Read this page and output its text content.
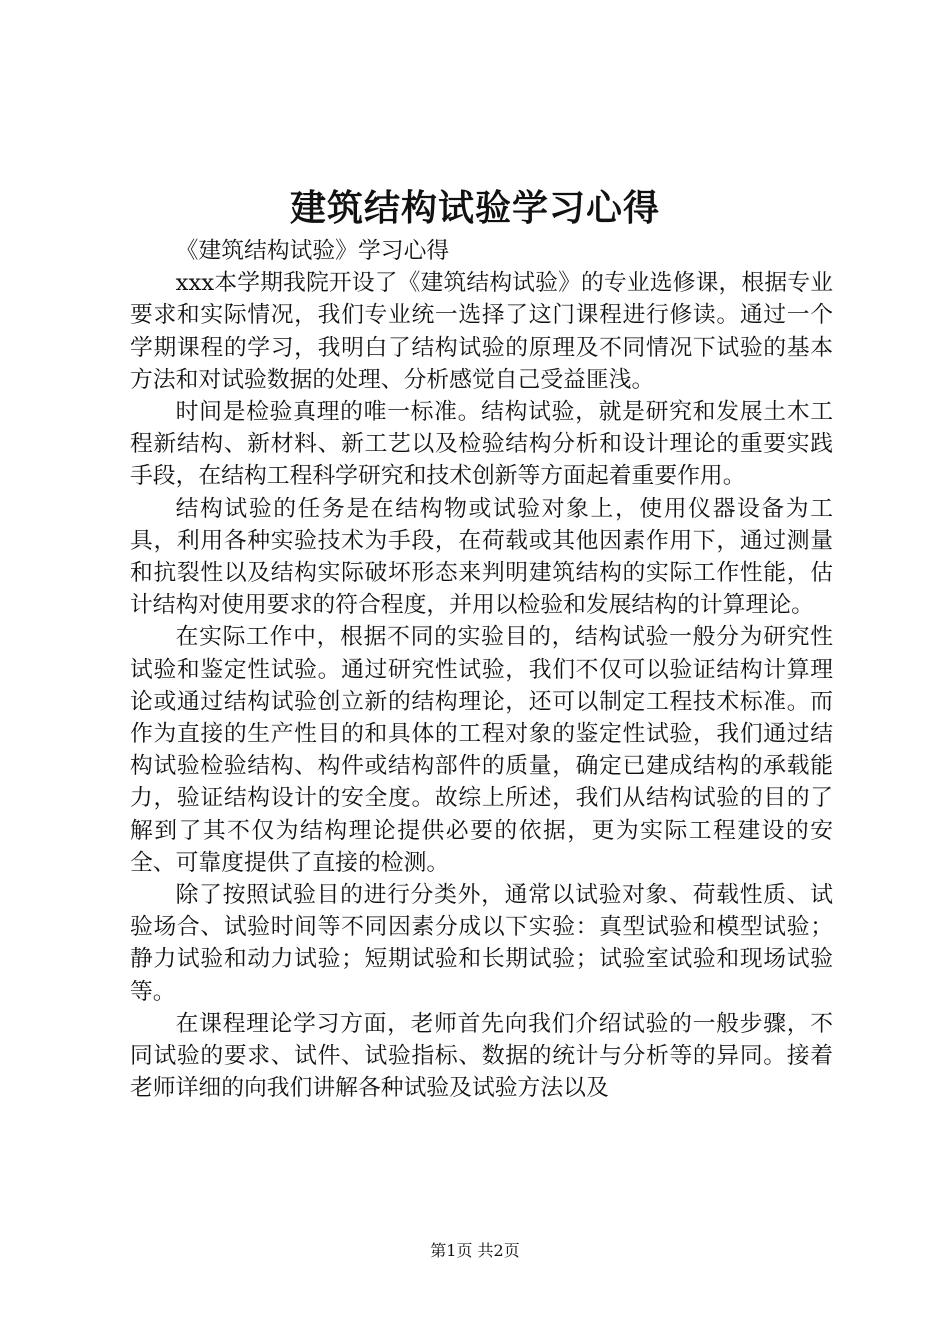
建筑结构试验学习心得

《建筑结构试验》学习心得

xxx本学期我院开设了《建筑结构试验》的专业选修课，根据专业要求和实际情况，我们专业统一选择了这门课程进行修读。通过一个学期课程的学习，我明白了结构试验的原理及不同情况下试验的基本方法和对试验数据的处理、分析感觉自己受益匪浅。

时间是检验真理的唯一标准。结构试验，就是研究和发展土木工程新结构、新材料、新工艺以及检验结构分析和设计理论的重要实践手段，在结构工程科学研究和技术创新等方面起着重要作用。

结构试验的任务是在结构物或试验对象上，使用仪器设备为工具，利用各种实验技术为手段，在荷载或其他因素作用下，通过测量和抗裂性以及结构实际破坏形态来判明建筑结构的实际工作性能，估计结构对使用要求的符合程度，并用以检验和发展结构的计算理论。

在实际工作中，根据不同的实验目的，结构试验一般分为研究性试验和鉴定性试验。通过研究性试验，我们不仅可以验证结构计算理论或通过结构试验创立新的结构理论，还可以制定工程技术标准。而作为直接的生产性目的和具体的工程对象的鉴定性试验，我们通过结构试验检验结构、构件或结构部件的质量，确定已建成结构的承载能力，验证结构设计的安全度。故综上所述，我们从结构试验的目的了解到了其不仅为结构理论提供必要的依据，更为实际工程建设的安全、可靠度提供了直接的检测。

除了按照试验目的进行分类外，通常以试验对象、荷载性质、试验场合、试验时间等不同因素分成以下实验：真型试验和模型试验；静力试验和动力试验；短期试验和长期试验；试验室试验和现场试验等。

在课程理论学习方面，老师首先向我们介绍试验的一般步骤，不同试验的要求、试件、试验指标、数据的统计与分析等的异同。接着老师详细的向我们讲解各种试验及试验方法以及

第1页 共2页
